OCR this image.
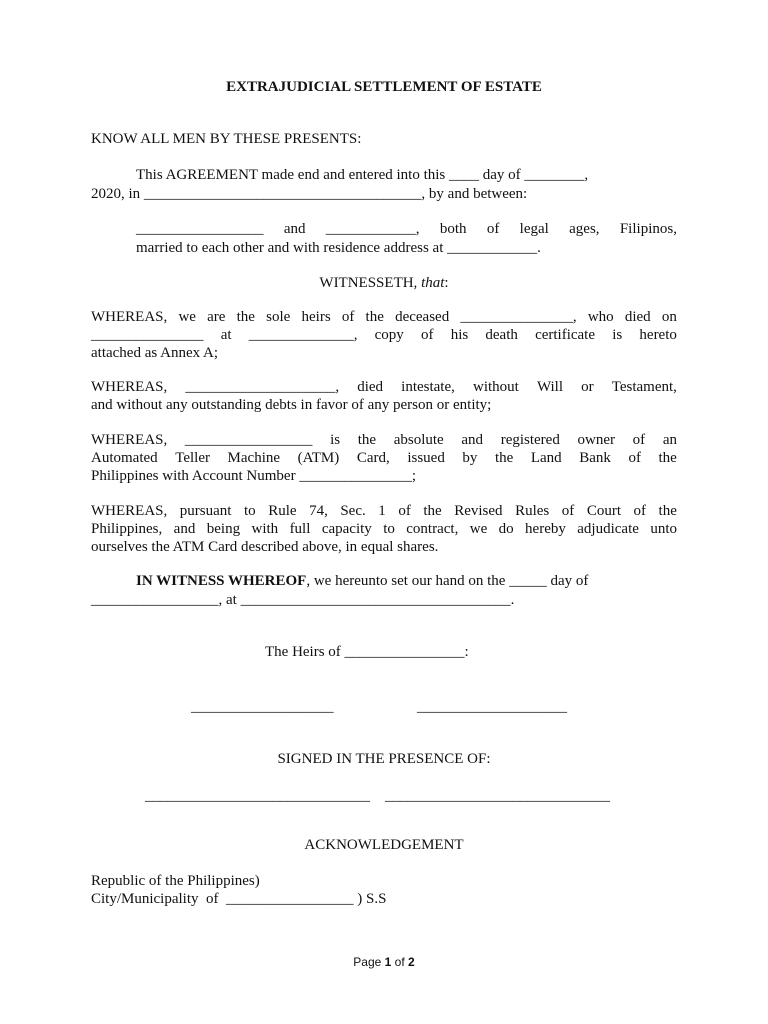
EXTRAJUDICIAL SETTLEMENT OF ESTATE
KNOW ALL MEN BY THESE PRESENTS:
This AGREEMENT made end and entered into this ____ day of ________,
2020, in _____________________________________, by and between:
_________________ and ____________, both of legal ages, Filipinos,
married to each other and with residence address at ____________.
WITNESSETH, that:
WHEREAS, we are the sole heirs of the deceased _______________, who died on
_______________ at ______________, copy of his death certificate is hereto
attached as Annex A;
WHEREAS, ____________________, died intestate, without Will or Testament,
and without any outstanding debts in favor of any person or entity;
WHEREAS, _________________ is the absolute and registered owner of an
Automated Teller Machine (ATM) Card, issued by the Land Bank of the
Philippines with Account Number _______________;
WHEREAS, pursuant to Rule 74, Sec. 1 of the Revised Rules of Court of the
Philippines, and being with full capacity to contract, we do hereby adjudicate unto
ourselves the ATM Card described above, in equal shares.
IN WITNESS WHEREOF, we hereunto set our hand on the _____ day of
_________________, at ____________________________________.
The Heirs of ________________:
___________________	____________________
SIGNED IN THE PRESENCE OF:
______________________________ ______________________________
ACKNOWLEDGEMENT
Republic of the Philippines)
City/Municipality  of  _________________ ) S.S
Page 1 of 2
